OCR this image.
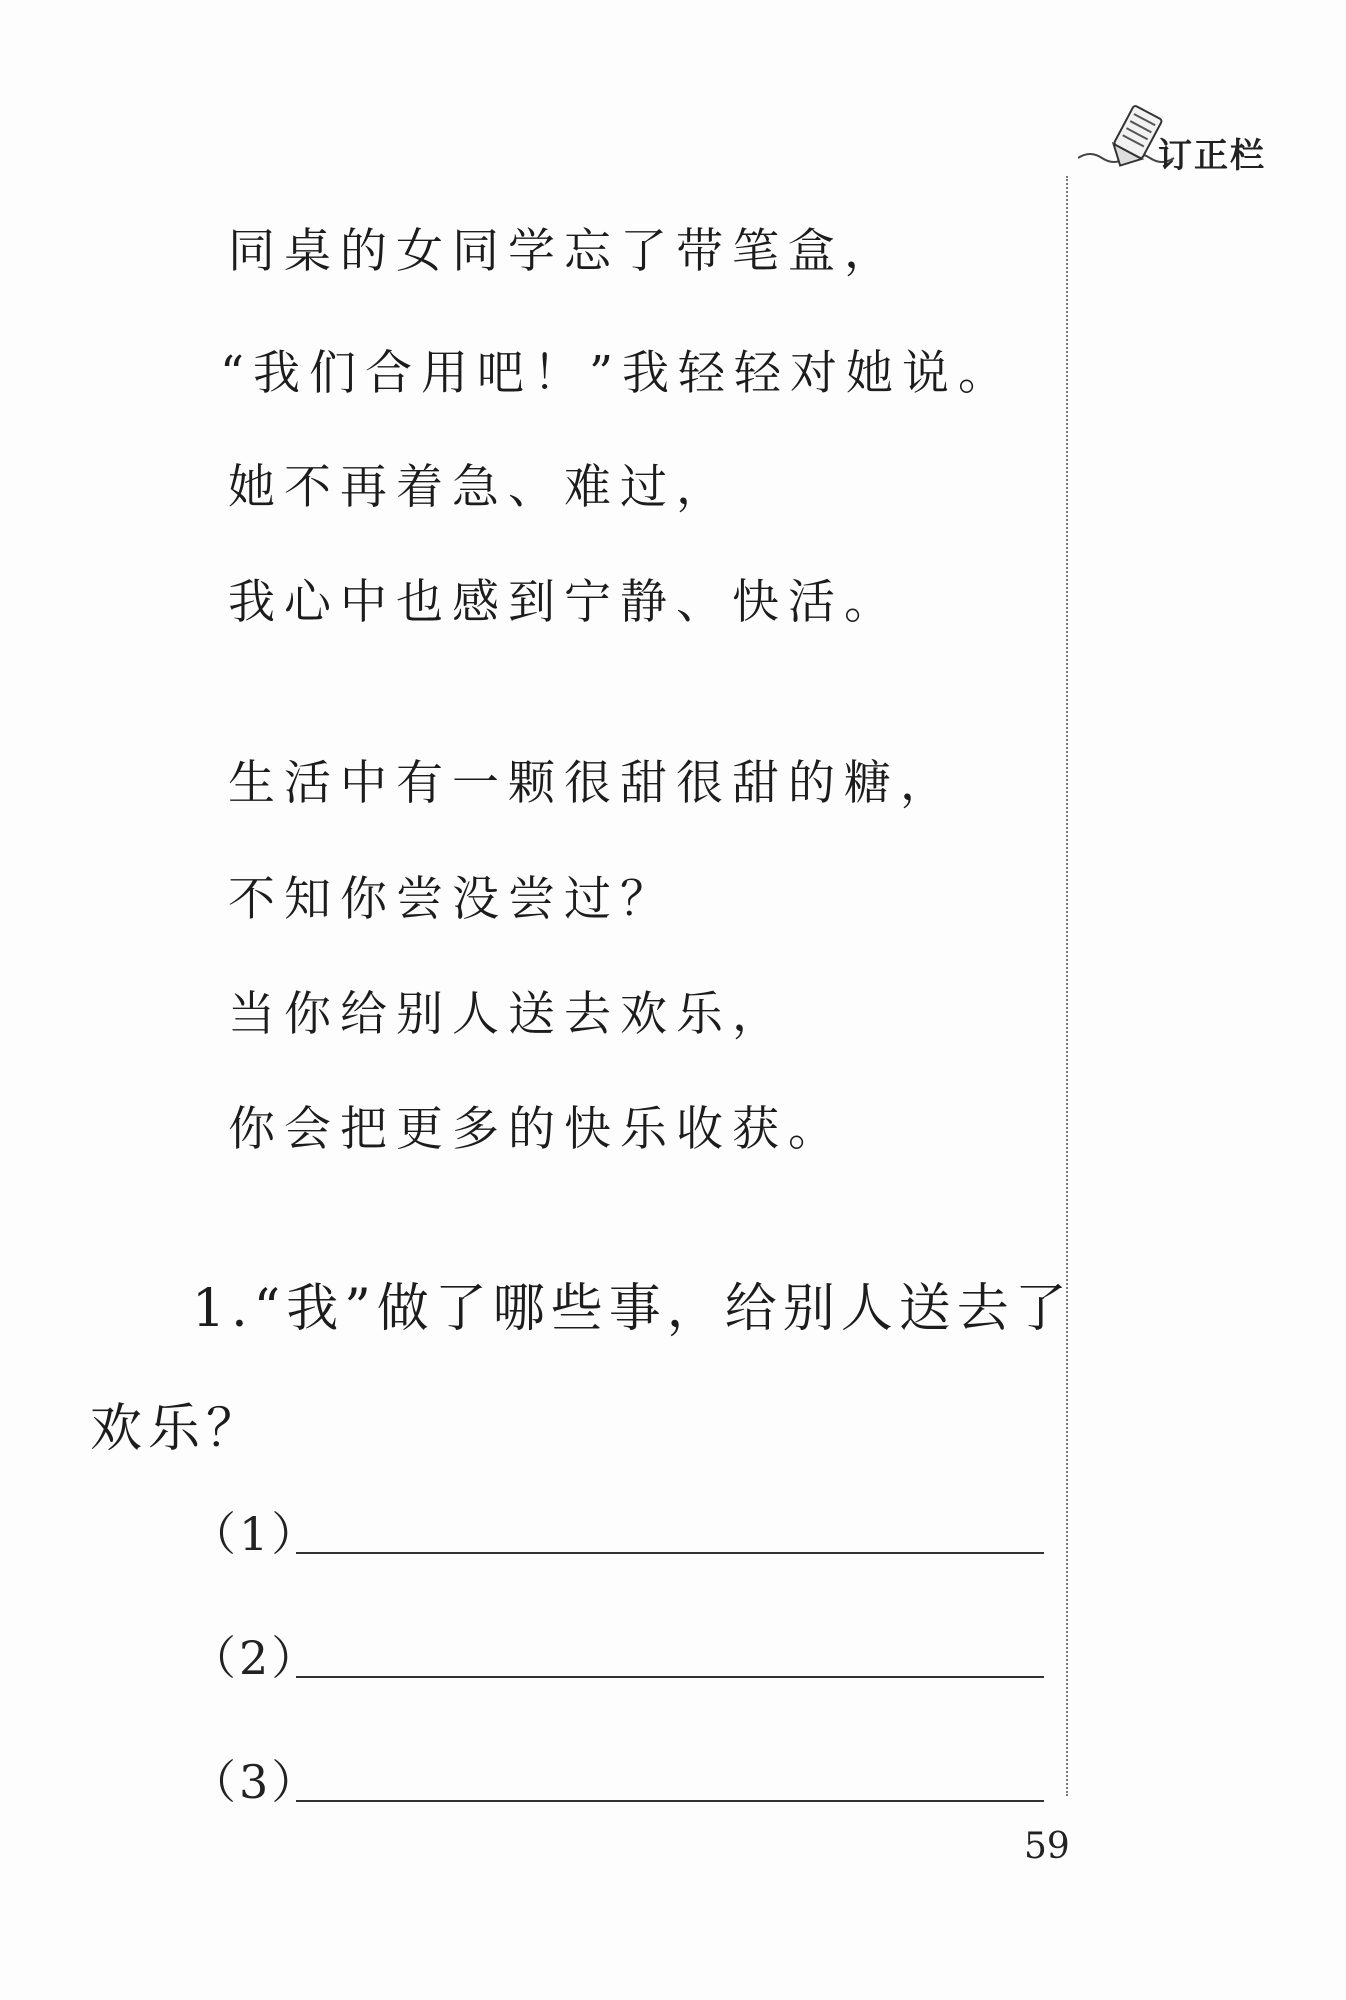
订正栏
同桌的女同学忘了带笔盒，
“我们合用吧！”我轻轻对她说。
她不再着急、难过，
我心中也感到宁静、快活。
生活中有一颗很甜很甜的糖，
不知你尝没尝过？
当你给别人送去欢乐，
你会把更多的快乐收获。
1.“我”做了哪些事，给别人送去了
欢乐？
（1）
（2）
（3）
59
